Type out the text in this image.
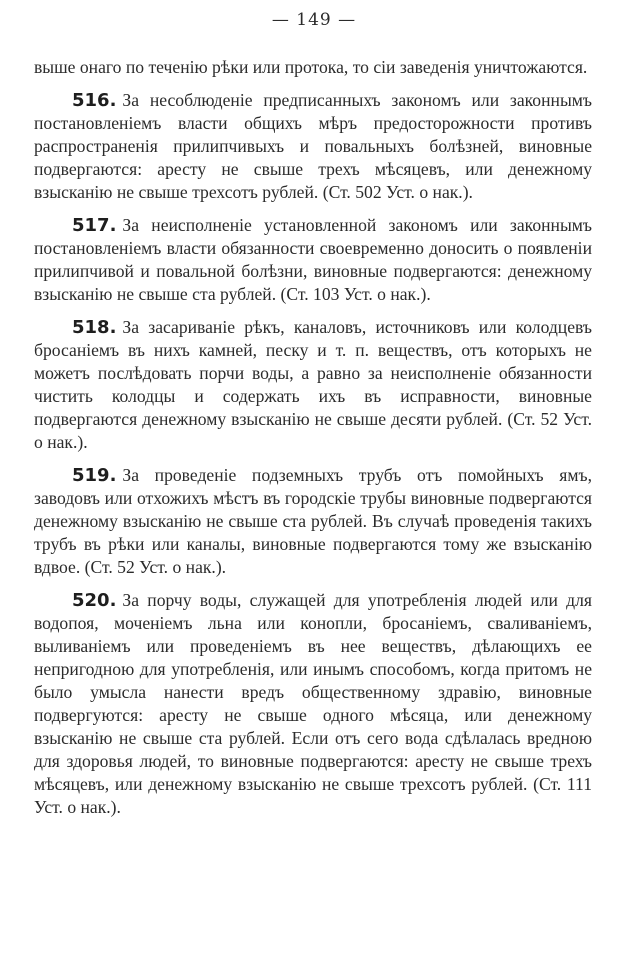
— 149 —

выше онаго по теченію рѣки или протока, то сіи заведенія уничтожаются.

516. За несоблюденіе предписанныхъ закономъ или законнымъ постановленіемъ власти общихъ мѣръ предосторожности противъ распространенія прилипчивыхъ и повальныхъ болѣзней, виновные подвергаются: аресту не свыше трехъ мѣсяцевъ, или денежному взысканію не свыше трехсотъ рублей. (Ст. 502 Уст. о нак.).

517. За неисполненіе установленной закономъ или законнымъ постановленіемъ власти обязанности своевременно доносить о появленіи прилипчивой и повальной болѣзни, виновные подвергаются: денежному взысканію не свыше ста рублей. (Ст. 103 Уст. о нак.).

518. За засариваніе рѣкъ, каналовъ, источниковъ или колодцевъ бросаніемъ въ нихъ камней, песку и т. п. веществъ, отъ которыхъ не можетъ послѣдовать порчи воды, а равно за неисполненіе обязанности чистить колодцы и содержать ихъ въ исправности, виновные подвергаются денежному взысканію не свыше десяти рублей. (Ст. 52 Уст. о нак.).

519. За проведеніе подземныхъ трубъ отъ помойныхъ ямъ, заводовъ или отхожихъ мѣстъ въ городскіе трубы виновные подвергаются денежному взысканію не свыше ста рублей. Въ случаѣ проведенія такихъ трубъ въ рѣки или каналы, виновные подвергаются тому же взысканію вдвое. (Ст. 52 Уст. о нак.).

520. За порчу воды, служащей для употребленія людей или для водопоя, моченіемъ льна или конопли, бросаніемъ, сваливаніемъ, выливаніемъ или проведеніемъ въ нее веществъ, дѣлающихъ ее непригодною для употребленія, или инымъ способомъ, когда притомъ не было умысла нанести вредъ общественному здравію, виновные подвергуются: аресту не свыше одного мѣсяца, или денежному взысканію не свыше ста рублей. Если отъ сего вода сдѣлалась вредною для здоровья людей, то виновные подвергаются: аресту не свыше трехъ мѣсяцевъ, или денежному взысканію не свыше трехсотъ рублей. (Ст. 111 Уст. о нак.).
